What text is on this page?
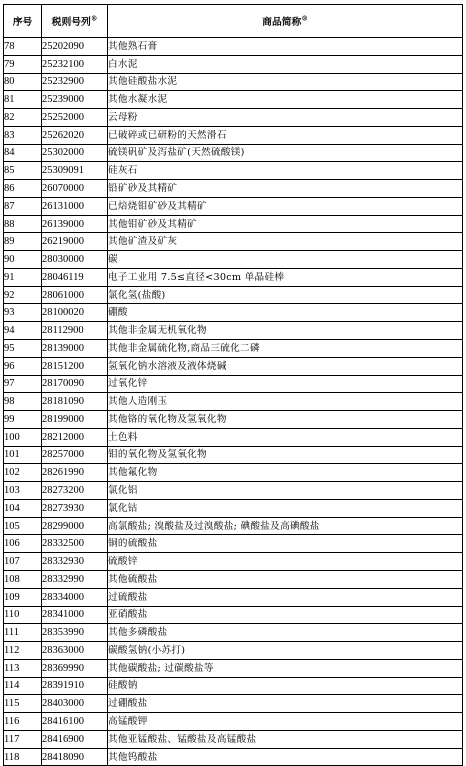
序号	税则号列®	商品简称®
78	25202090	其他熟石膏
79	25232100	白水泥
80	25232900	其他硅酸盐水泥
81	25239000	其他水凝水泥
82	25252000	云母粉
83	25262020	已破碎或已研粉的天然滑石
84	25302000	硫镁矾矿及泻盐矿(天然硫酸镁)
85	25309091	硅灰石
86	26070000	铅矿砂及其精矿
87	26131000	已焙烧钼矿砂及其精矿
88	26139000	其他钼矿砂及其精矿
89	26219000	其他矿渣及矿灰
90	28030000	碳
91	28046119	电子工业用 7.5≤直径<30cm 单晶硅棒
92	28061000	氯化氢(盐酸)
93	28100020	硼酸
94	28112900	其他非金属无机氧化物
95	28139000	其他非金属硫化物,商品三硫化二磷
96	28151200	氢氧化钠水溶液及液体烧碱
97	28170090	过氧化锌
98	28181090	其他人造刚玉
99	28199000	其他铬的氧化物及氢氧化物
100	28212000	土色料
101	28257000	钼的氧化物及氢氧化物
102	28261990	其他氟化物
103	28273200	氯化铝
104	28273930	氯化钴
105	28299000	高氯酸盐; 溴酸盐及过溴酸盐; 碘酸盐及高碘酸盐
106	28332500	铜的硫酸盐
107	28332930	硫酸锌
108	28332990	其他硫酸盐
109	28334000	过硫酸盐
110	28341000	亚硝酸盐
111	28353990	其他多磷酸盐
112	28363000	碳酸氢钠(小苏打)
113	28369990	其他碳酸盐; 过碳酸盐等
114	28391910	硅酸钠
115	28403000	过硼酸盐
116	28416100	高锰酸钾
117	28416900	其他亚锰酸盐、锰酸盐及高锰酸盐
118	28418090	其他钨酸盐
